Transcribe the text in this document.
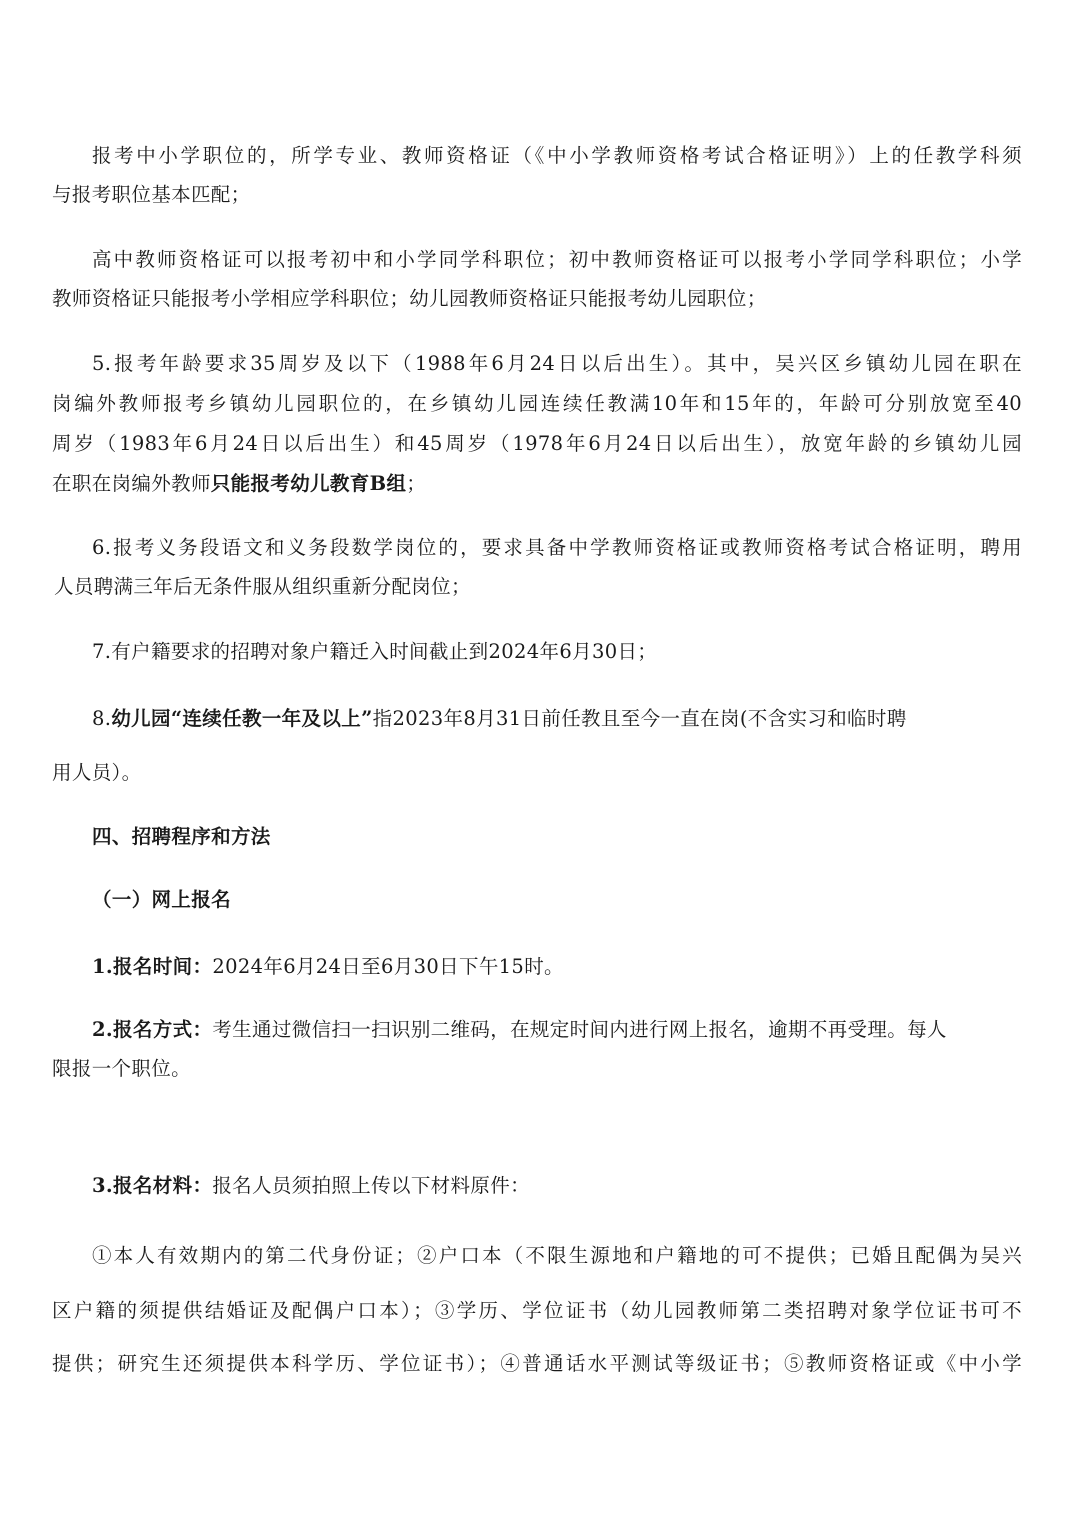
报考中小学职位的，所学专业、教师资格证（《中小学教师资格考试合格证明》）上的任教学科须
与报考职位基本匹配；
高中教师资格证可以报考初中和小学同学科职位；初中教师资格证可以报考小学同学科职位；小学
教师资格证只能报考小学相应学科职位；幼儿园教师资格证只能报考幼儿园职位；
5.报考年龄要求35周岁及以下（1988年6月24日以后出生）。其中，吴兴区乡镇幼儿园在职在
岗编外教师报考乡镇幼儿园职位的，在乡镇幼儿园连续任教满10年和15年的，年龄可分别放宽至40
周岁（1983年6月24日以后出生）和45周岁（1978年6月24日以后出生），放宽年龄的乡镇幼儿园
在职在岗编外教师只能报考幼儿教育B组；
6.报考义务段语文和义务段数学岗位的，要求具备中学教师资格证或教师资格考试合格证明，聘用
人员聘满三年后无条件服从组织重新分配岗位；
7.有户籍要求的招聘对象户籍迁入时间截止到2024年6月30日；
8.幼儿园“连续任教一年及以上”指2023年8月31日前任教且至今一直在岗(不含实习和临时聘
用人员）。
四、招聘程序和方法
（一）网上报名
1.报名时间：2024年6月24日至6月30日下午15时。
2.报名方式：考生通过微信扫一扫识别二维码，在规定时间内进行网上报名，逾期不再受理。每人
限报一个职位。
3.报名材料：报名人员须拍照上传以下材料原件：
①本人有效期内的第二代身份证；②户口本（不限生源地和户籍地的可不提供；已婚且配偶为吴兴
区户籍的须提供结婚证及配偶户口本）；③学历、学位证书（幼儿园教师第二类招聘对象学位证书可不
提供；研究生还须提供本科学历、学位证书）；④普通话水平测试等级证书；⑤教师资格证或《中小学
